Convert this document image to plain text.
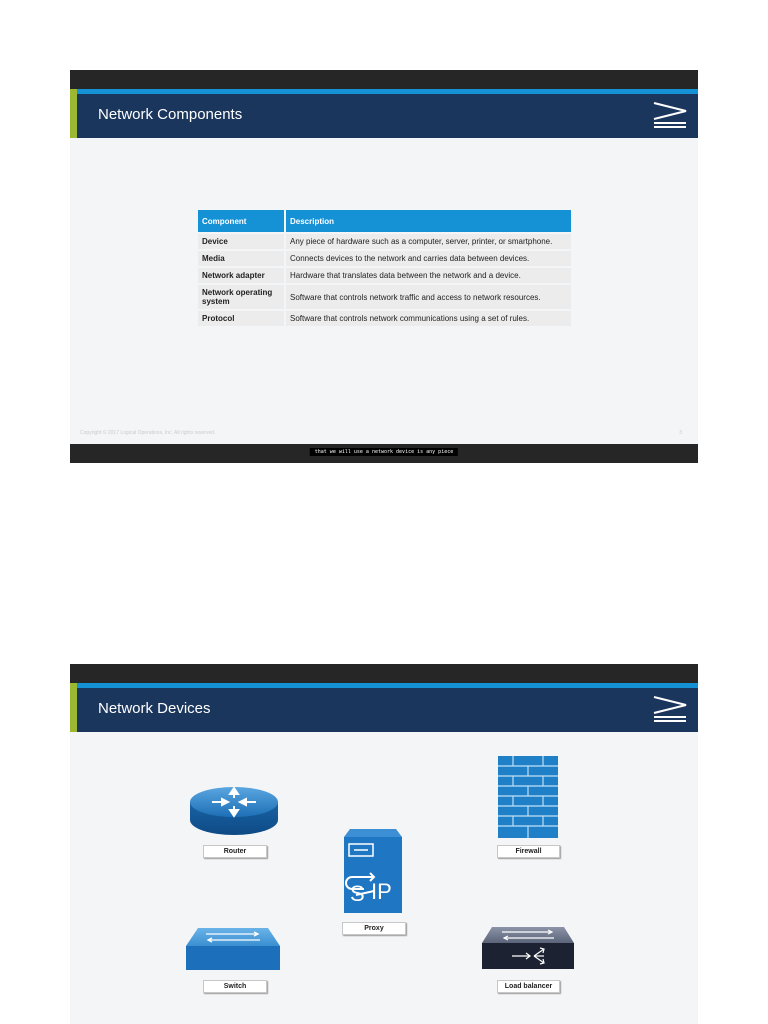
Network Components
Component	Description
Device	Any piece of hardware such as a computer, server, printer, or smartphone.
Media	Connects devices to the network and carries data between devices.
Network adapter	Hardware that translates data between the network and a device.
Network operating system	Software that controls network traffic and access to network resources.
Protocol	Software that controls network communications using a set of rules.
Copyright © 2017 Logical Operations, Inc. All rights reserved.	3
that we will use a network device is any piece
Network Devices
Router	Firewall
IP
S
Proxy
Switch	Load balancer
